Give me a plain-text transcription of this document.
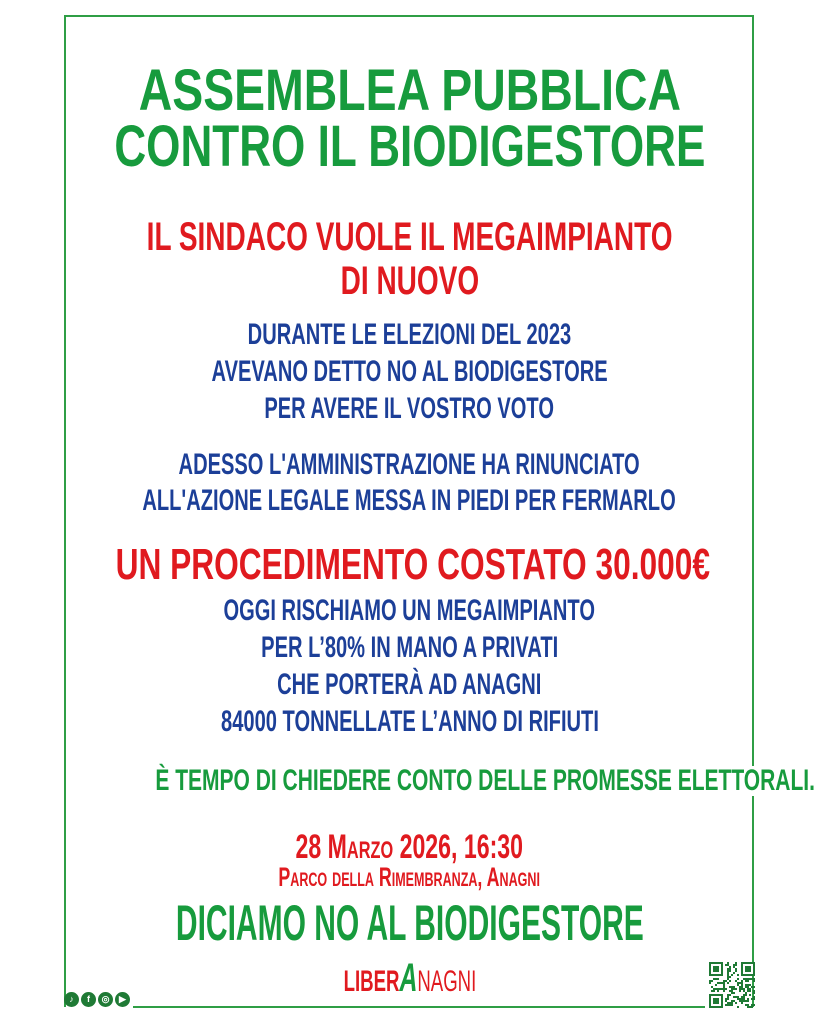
ASSEMBLEA PUBBLICA
CONTRO IL BIODIGESTORE
IL SINDACO VUOLE IL MEGAIMPIANTO
DI NUOVO
DURANTE LE ELEZIONI DEL 2023
AVEVANO DETTO NO AL BIODIGESTORE
PER AVERE IL VOSTRO VOTO
ADESSO L'AMMINISTRAZIONE HA RINUNCIATO
ALL'AZIONE LEGALE MESSA IN PIEDI PER FERMARLO
UN PROCEDIMENTO COSTATO 30.000€
OGGI RISCHIAMO UN MEGAIMPIANTO
PER L’80% IN MANO A PRIVATI
CHE PORTERÀ AD ANAGNI
84000 TONNELLATE L’ANNO DI RIFIUTI
È TEMPO DI CHIEDERE CONTO DELLE PROMESSE ELETTORALI.
28 Marzo 2026, 16:30
Parco della Rimembranza, Anagni
DICIAMO NO AL BIODIGESTORE
LIBERANAGNI
♪	f	◎	▶
